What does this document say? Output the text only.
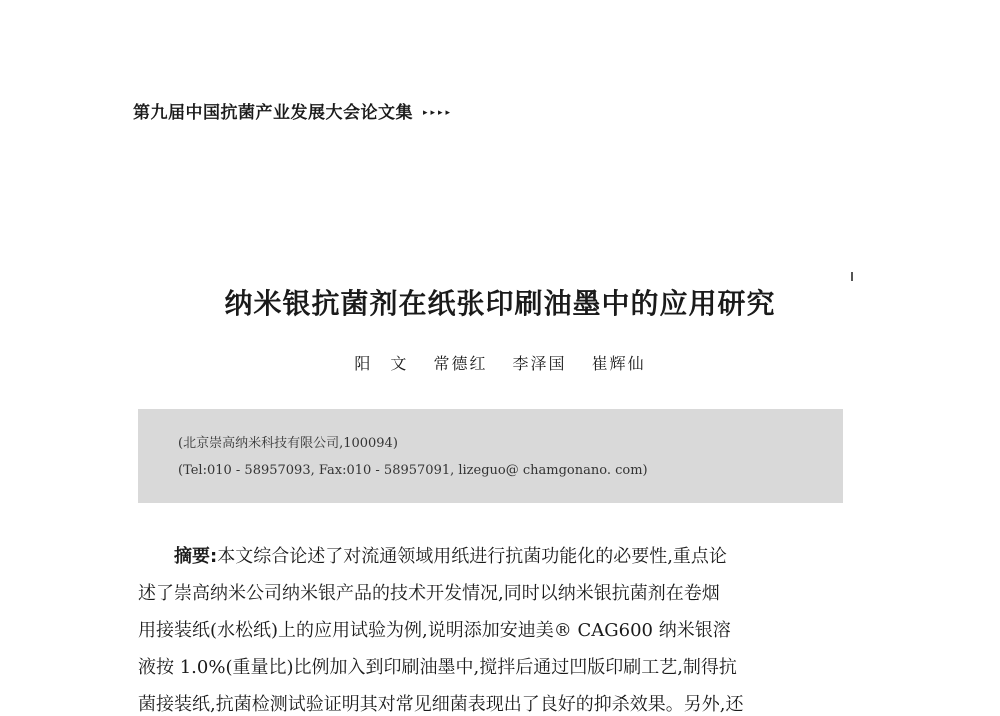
第九届中国抗菌产业发展大会论文集 ▸▸▸▸
纳米银抗菌剂在纸张印刷油墨中的应用研究
阳　文 常德红 李泽国 崔辉仙
(北京崇高纳米科技有限公司,100094)
(Tel:010 - 58957093, Fax:010 - 58957091, lizeguo@ chamgonano. com)
摘要:本文综合论述了对流通领域用纸进行抗菌功能化的必要性,重点论
述了崇高纳米公司纳米银产品的技术开发情况,同时以纳米银抗菌剂在卷烟
用接装纸(水松纸)上的应用试验为例,说明添加安迪美® CAG600 纳米银溶
液按 1.0%(重量比)比例加入到印刷油墨中,搅拌后通过凹版印刷工艺,制得抗
菌接装纸,抗菌检测试验证明其对常见细菌表现出了良好的抑杀效果。另外,还
